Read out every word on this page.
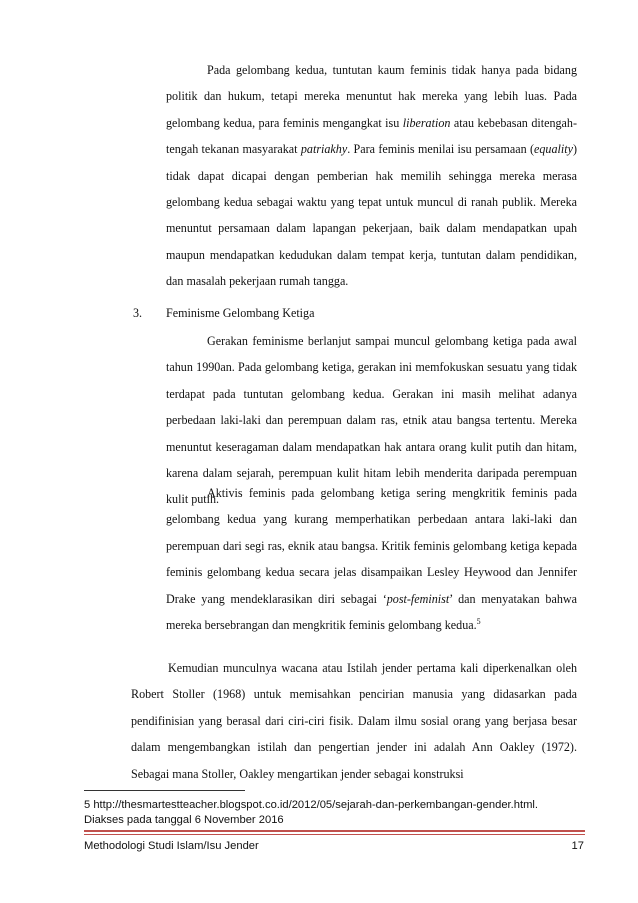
Pada gelombang kedua, tuntutan kaum feminis tidak hanya pada bidang politik dan hukum, tetapi mereka menuntut hak mereka yang lebih luas. Pada gelombang kedua, para feminis mengangkat isu liberation atau kebebasan ditengah-tengah tekanan masyarakat patriakhy. Para feminis menilai isu persamaan (equality) tidak dapat dicapai dengan pemberian hak memilih sehingga mereka merasa gelombang kedua sebagai waktu yang tepat untuk muncul di ranah publik. Mereka menuntut persamaan dalam lapangan pekerjaan, baik dalam mendapatkan upah maupun mendapatkan kedudukan dalam tempat kerja, tuntutan dalam pendidikan, dan masalah pekerjaan rumah tangga.
3. Feminisme Gelombang Ketiga
Gerakan feminisme berlanjut sampai muncul gelombang ketiga pada awal tahun 1990an. Pada gelombang ketiga, gerakan ini memfokuskan sesuatu yang tidak terdapat pada tuntutan gelombang kedua. Gerakan ini masih melihat adanya perbedaan laki-laki dan perempuan dalam ras, etnik atau bangsa tertentu. Mereka menuntut keseragaman dalam mendapatkan hak antara orang kulit putih dan hitam, karena dalam sejarah, perempuan kulit hitam lebih menderita daripada perempuan kulit putih.
Aktivis feminis pada gelombang ketiga sering mengkritik feminis pada gelombang kedua yang kurang memperhatikan perbedaan antara laki-laki dan perempuan dari segi ras, eknik atau bangsa. Kritik feminis gelombang ketiga kepada feminis gelombang kedua secara jelas disampaikan Lesley Heywood dan Jennifer Drake yang mendeklarasikan diri sebagai ‘post-feminist’ dan menyatakan bahwa mereka bersebrangan dan mengkritik feminis gelombang kedua.$^5$
Kemudian munculnya wacana atau Istilah jender pertama kali diperkenalkan oleh Robert Stoller (1968) untuk memisahkan pencirian manusia yang didasarkan pada pendifinisian yang berasal dari ciri-ciri fisik. Dalam ilmu sosial orang yang berjasa besar dalam mengembangkan istilah dan pengertian jender ini adalah Ann Oakley (1972). Sebagai mana Stoller, Oakley mengartikan jender sebagai konstruksi
5 http://thesmartestteacher.blogspot.co.id/2012/05/sejarah-dan-perkembangan-gender.html.
Diakses pada tanggal 6 November 2016
Methodologi Studi Islam/Isu Jender	17
